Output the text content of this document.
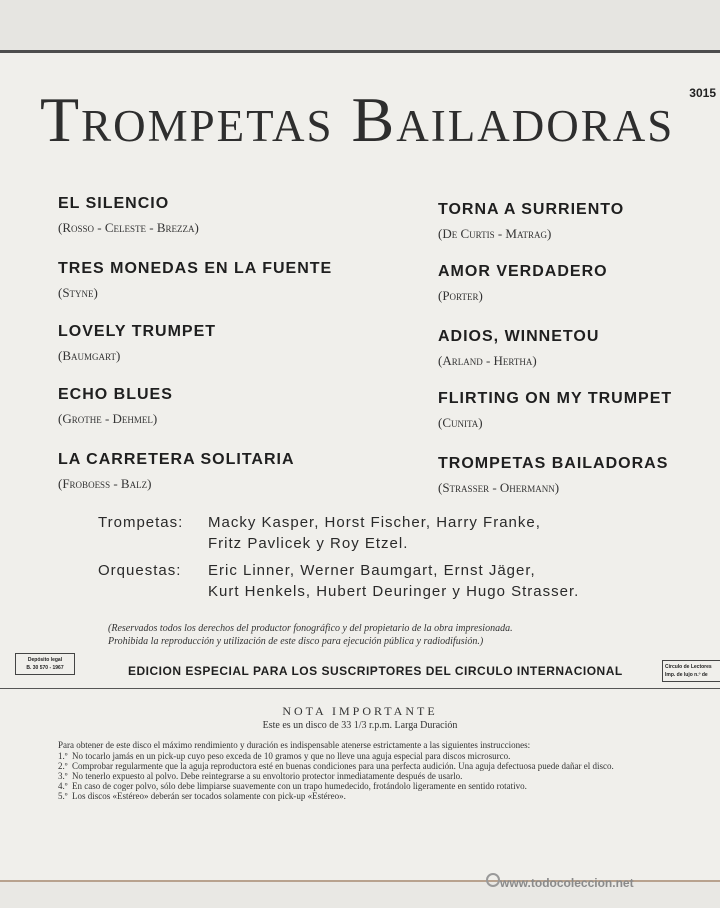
3015
Trompetas Bailadoras
EL SILENCIO
(Rosso - Celeste - Brezza)
TRES MONEDAS EN LA FUENTE
(Styne)
LOVELY TRUMPET
(Baumgart)
ECHO BLUES
(Grothe - Dehmel)
LA CARRETERA SOLITARIA
(Froboess - Balz)
TORNA A SURRIENTO
(De Curtis - Matrag)
AMOR VERDADERO
(Porter)
ADIOS, WINNETOU
(Arland - Hertha)
FLIRTING ON MY TRUMPET
(Cunita)
TROMPETAS BAILADORAS
(Strasser - Ohermann)
Trompetas:	Macky Kasper, Horst Fischer, Harry Franke,
Fritz Pavlicek y Roy Etzel.
Orquestas:	Eric Linner, Werner Baumgart, Ernst Jäger,
Kurt Henkels, Hubert Deuringer y Hugo Strasser.
(Reservados todos los derechos del productor fonográfico y del propietario de la obra impresionada.
Prohibida la reproducción y utilización de este disco para ejecución pública y radiodifusión.)
Depósito legal
B. 30 570 - 1967	EDICION ESPECIAL PARA LOS SUSCRIPTORES DEL CIRCULO INTERNACIONAL	Círculo de Lectores
Imp. de lujo n.º de
NOTA IMPORTANTE
Este es un disco de 33 1/3 r.p.m. Larga Duración
Para obtener de este disco el máximo rendimiento y duración es indispensable atenerse estrictamente a las siguientes instrucciones:
1.º No tocarlo jamás en un pick-up cuyo peso exceda de 10 gramos y que no lleve una aguja especial para discos microsurco.
2.º Comprobar regularmente que la aguja reproductora esté en buenas condiciones para una perfecta audición. Una aguja defectuosa puede dañar el disco.
3.º No tenerlo expuesto al polvo. Debe reintegrarse a su envoltorio protector inmediatamente después de usarlo.
4.º En caso de coger polvo, sólo debe limpiarse suavemente con un trapo humedecido, frotándolo ligeramente en sentido rotativo.
5.º Los discos «Estéreo» deberán ser tocados solamente con pick-up «Estéreo».
www.todocoleccion.net
